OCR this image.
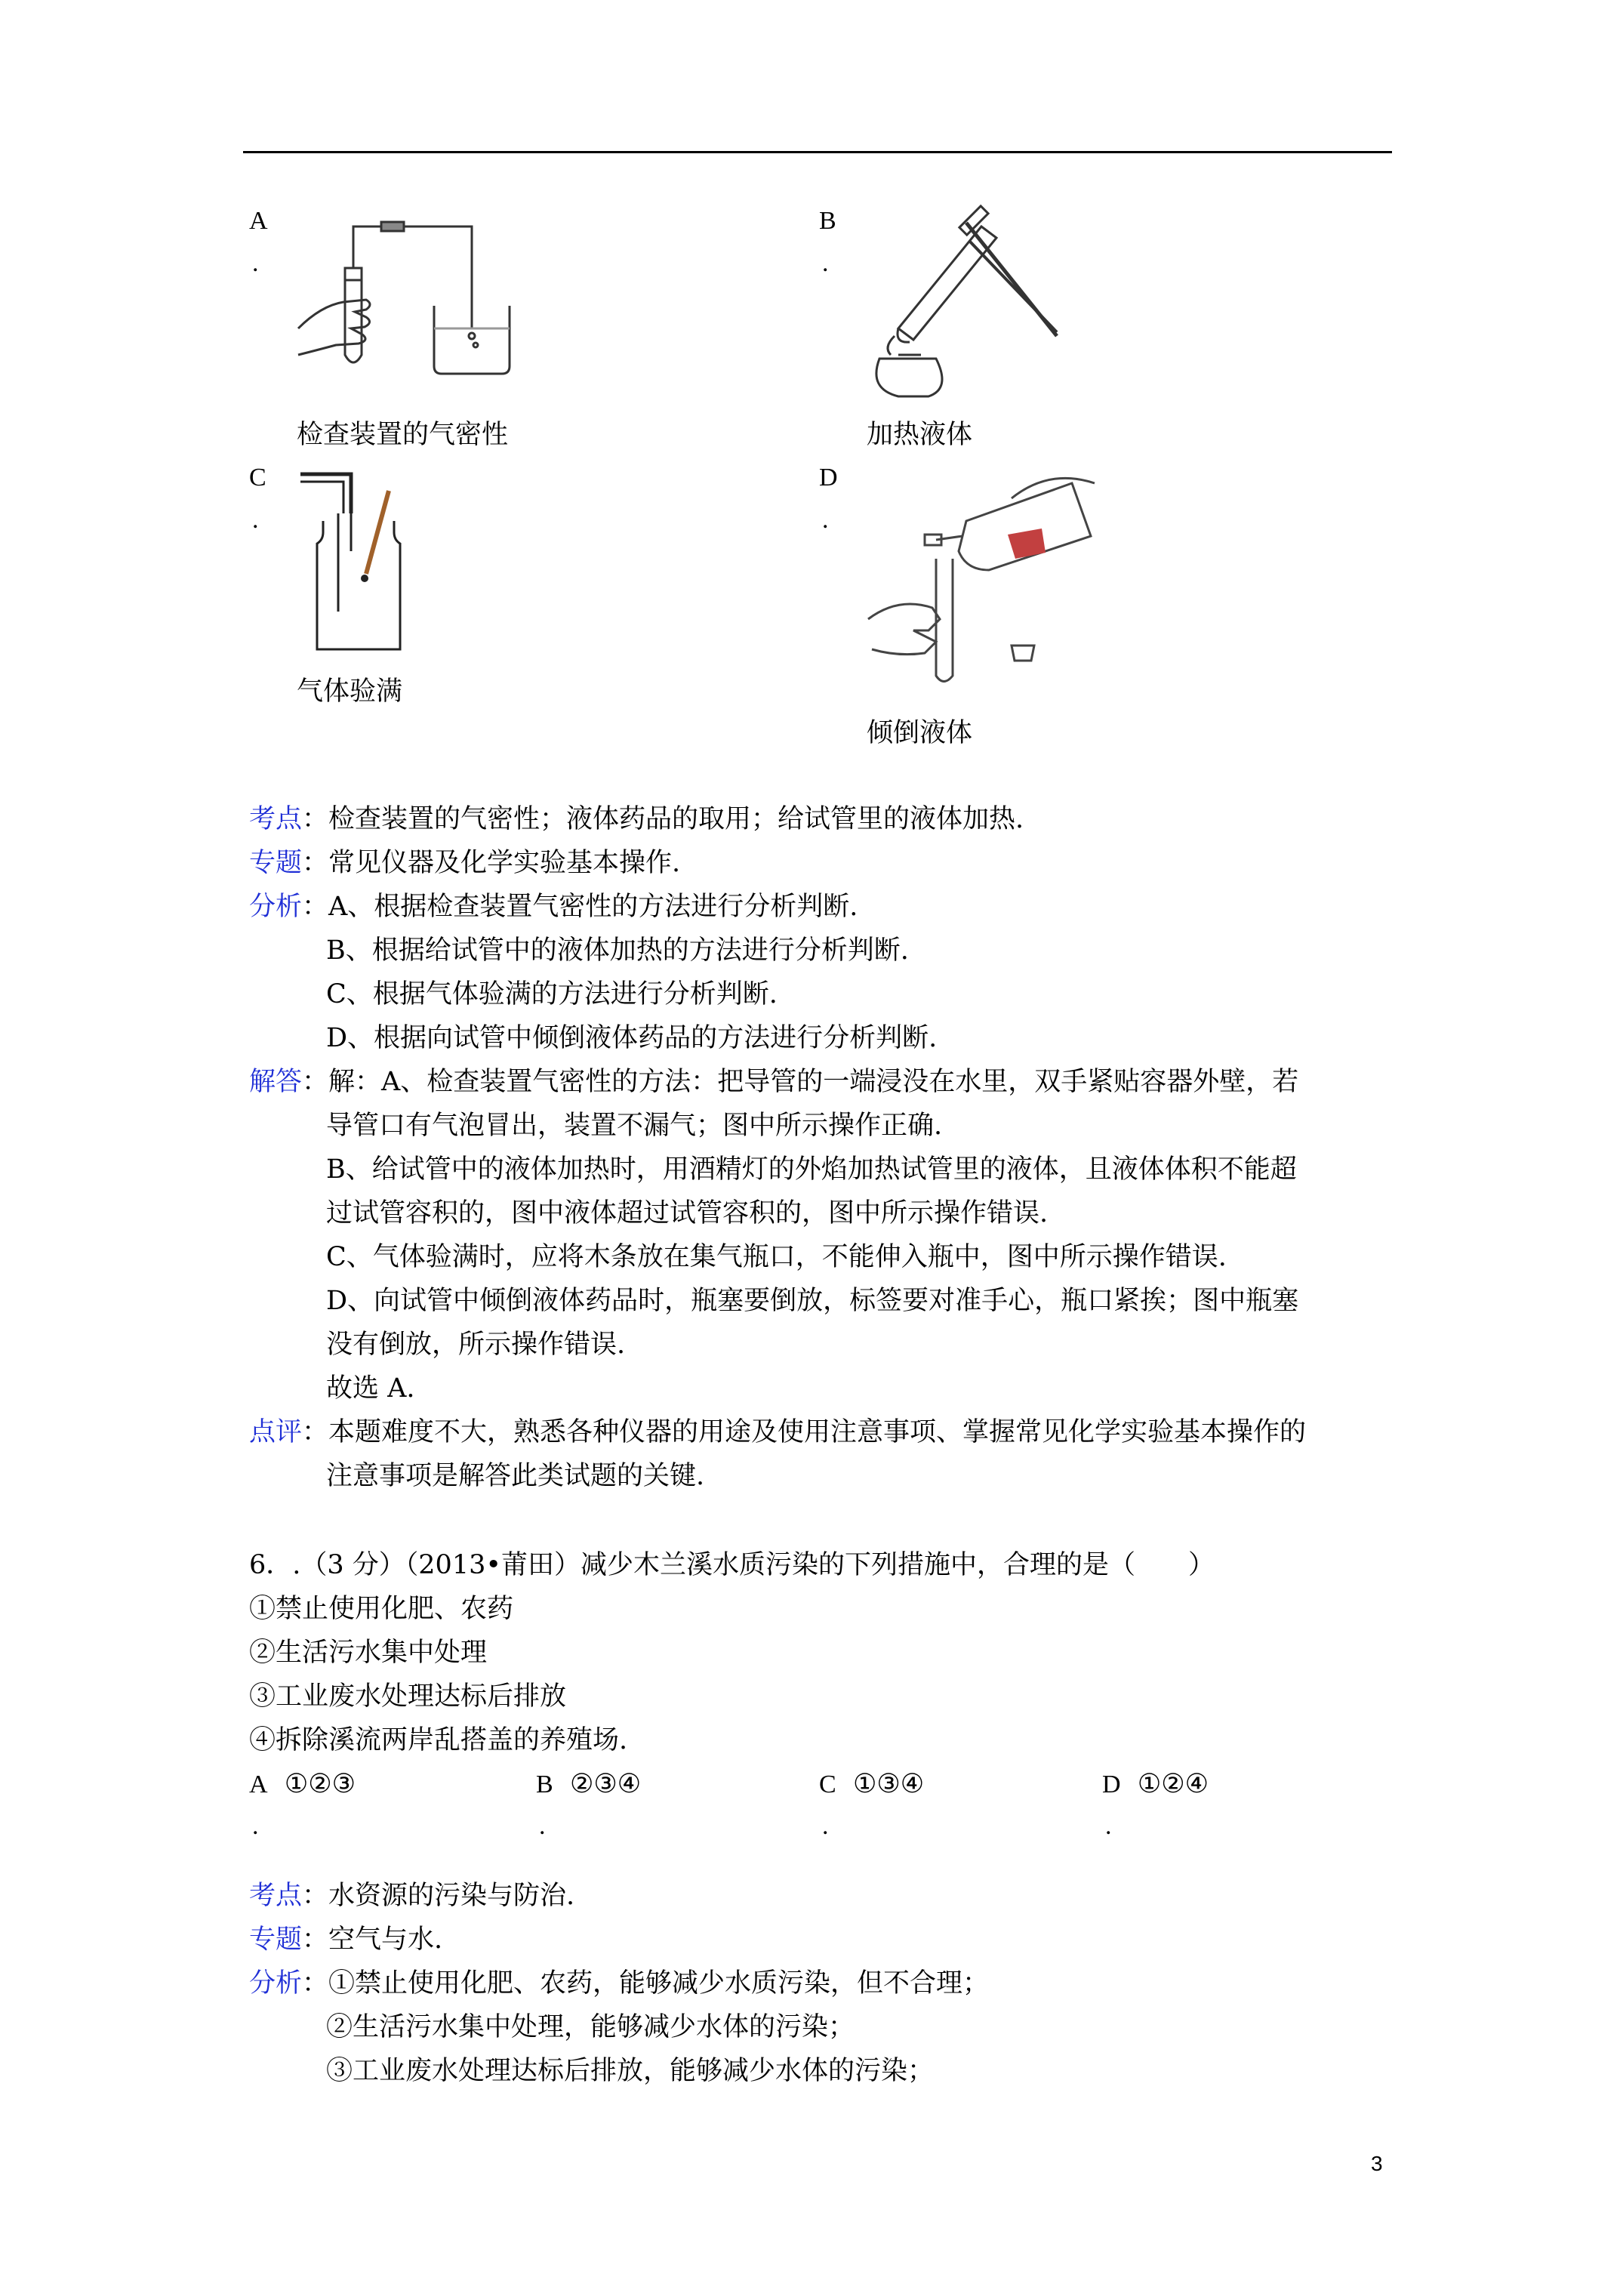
A
.
检查装置的气密性
B
.
加热液体
C
.
气体验满
D
.
倾倒液体
考点：检查装置的气密性；液体药品的取用；给试管里的液体加热.
专题：常见仪器及化学实验基本操作.
分析：A、根据检查装置气密性的方法进行分析判断.
B、根据给试管中的液体加热的方法进行分析判断.
C、根据气体验满的方法进行分析判断.
D、根据向试管中倾倒液体药品的方法进行分析判断.
解答：解：A、检查装置气密性的方法：把导管的一端浸没在水里，双手紧贴容器外壁，若
导管口有气泡冒出，装置不漏气；图中所示操作正确.
B、给试管中的液体加热时，用酒精灯的外焰加热试管里的液体，且液体体积不能超
过试管容积的，图中液体超过试管容积的，图中所示操作错误.
C、气体验满时，应将木条放在集气瓶口，不能伸入瓶中，图中所示操作错误.
D、向试管中倾倒液体药品时，瓶塞要倒放，标签要对准手心，瓶口紧挨；图中瓶塞
没有倒放，所示操作错误.
故选 A.
点评：本题难度不大，熟悉各种仪器的用途及使用注意事项、掌握常见化学实验基本操作的
注意事项是解答此类试题的关键.
6．.（3 分）（2013•莆田）减少木兰溪水质污染的下列措施中，合理的是（　　）
①禁止使用化肥、农药
②生活污水集中处理
③工业废水处理达标后排放
④拆除溪流两岸乱搭盖的养殖场.
A ①②③
.
B ②③④
.
C ①③④
.
D ①②④
.
考点：水资源的污染与防治.
专题：空气与水.
分析：①禁止使用化肥、农药，能够减少水质污染，但不合理；
②生活污水集中处理，能够减少水体的污染；
③工业废水处理达标后排放，能够减少水体的污染；
3
